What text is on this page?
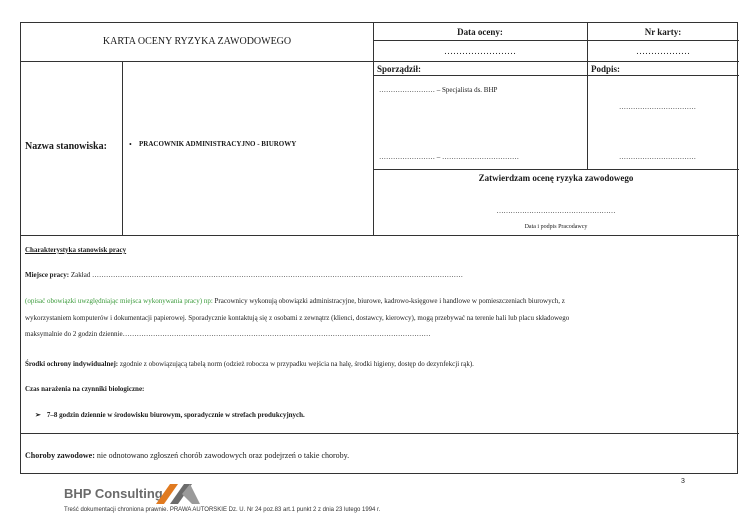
KARTA OCENY RYZYKA ZAWODOWEGO
Data oceny:
……………………
Nr karty:
………………
Nazwa stanowiska:	• PRACOWNIK ADMINISTRACYJNO - BIUROWY
Sporządził:
…………………… – Specjalista ds. BHP
…………………… – ……………………………
Podpis:
……………………………
……………………………
Zatwierdzam ocenę ryzyka zawodowego
……………………………………………
Data i podpis Pracodawcy
Charakterystyka stanowisk pracy
Miejsce pracy: Zakład ……………………………………………………………………………………………………………………………………………
(opisać obowiązki uwzględniając miejsca wykonywania pracy) np: Pracownicy wykonują obowiązki administracyjne, biurowe, kadrowo-księgowe i handlowe w pomieszczeniach biurowych, z
wykorzystaniem komputerów i dokumentacji papierowej. Sporadycznie kontaktują się z osobami z zewnątrz (klienci, dostawcy, kierowcy), mogą przebywać na terenie hali lub placu składowego
maksymalnie do 2 godzin dziennie……………………………………………………………………………………………………………………
Środki ochrony indywidualnej: zgodnie z obowiązującą tabelą norm (odzież robocza w przypadku wejścia na halę, środki higieny, dostęp do dezynfekcji rąk).
Czas narażenia na czynniki biologiczne:
➢ 7–8 godzin dziennie w środowisku biurowym, sporadycznie w strefach produkcyjnych.
Choroby zawodowe: nie odnotowano zgłoszeń chorób zawodowych oraz podejrzeń o takie choroby.
3
BHP Consulting
Treść dokumentacji chroniona prawnie. PRAWA AUTORSKIE Dz. U. Nr 24 poz.83 art.1 punkt 2 z dnia 23 lutego 1994 r.
